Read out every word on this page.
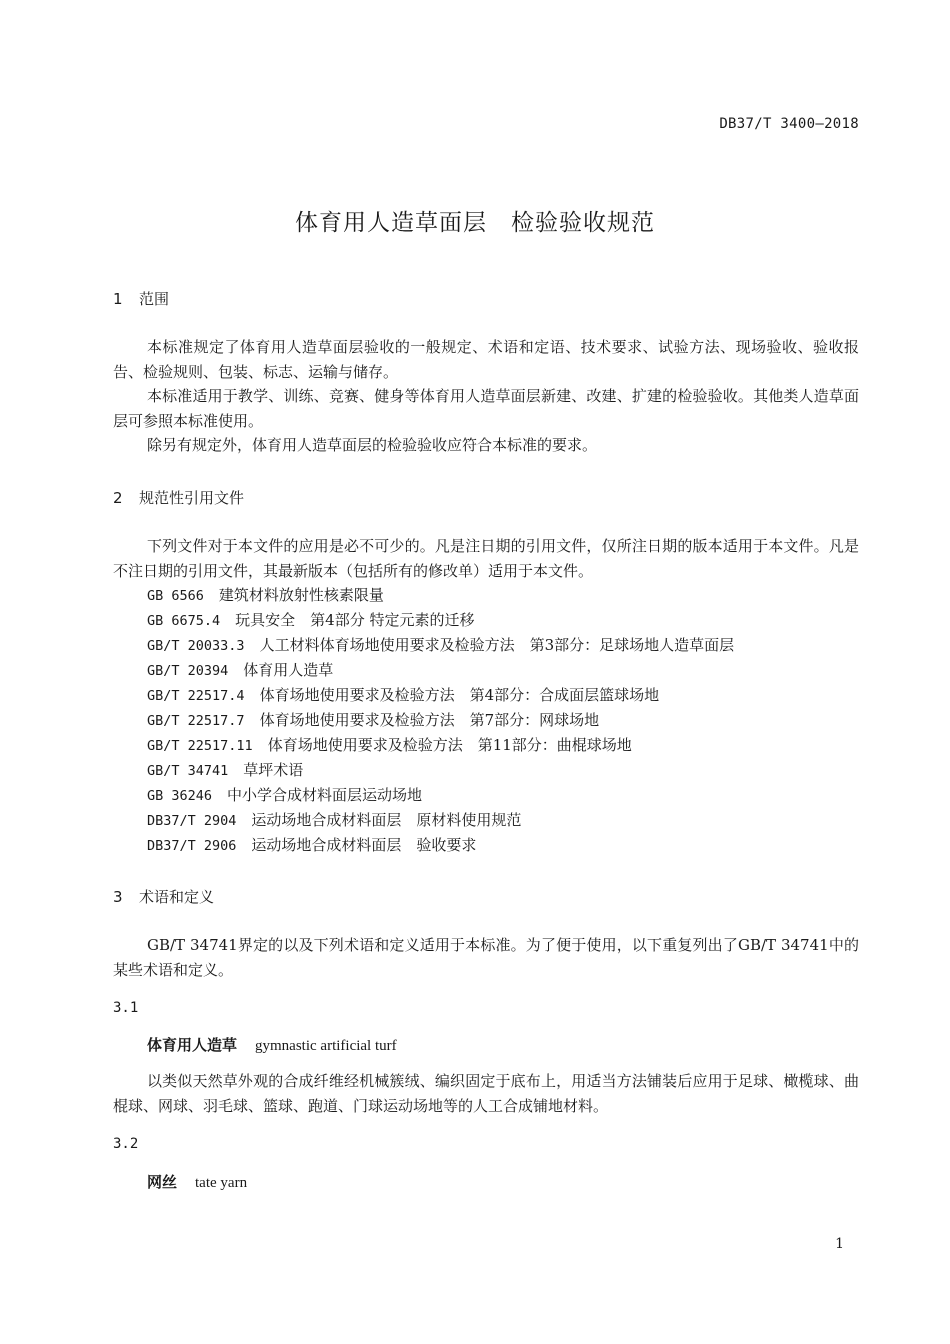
DB37/T 3400—2018
体育用人造草面层　检验验收规范
1 范围
本标准规定了体育用人造草面层验收的一般规定、术语和定语、技术要求、试验方法、现场验收、验收报告、检验规则、包装、标志、运输与储存。
本标准适用于教学、训练、竞赛、健身等体育用人造草面层新建、改建、扩建的检验验收。其他类人造草面层可参照本标准使用。
除另有规定外，体育用人造草面层的检验验收应符合本标准的要求。
2 规范性引用文件
下列文件对于本文件的应用是必不可少的。凡是注日期的引用文件，仅所注日期的版本适用于本文件。凡是不注日期的引用文件，其最新版本（包括所有的修改单）适用于本文件。
GB 6566　 建筑材料放射性核素限量
GB 6675.4　 玩具安全　第4部分 特定元素的迁移
GB/T 20033.3　 人工材料体育场地使用要求及检验方法　第3部分：足球场地人造草面层
GB/T 20394　 体育用人造草
GB/T 22517.4　 体育场地使用要求及检验方法　第4部分：合成面层篮球场地
GB/T 22517.7　 体育场地使用要求及检验方法　第7部分：网球场地
GB/T 22517.11　 体育场地使用要求及检验方法　第11部分：曲棍球场地
GB/T 34741　 草坪术语
GB 36246　 中小学合成材料面层运动场地
DB37/T 2904　 运动场地合成材料面层　原材料使用规范
DB37/T 2906　 运动场地合成材料面层　验收要求
3 术语和定义
GB/T 34741界定的以及下列术语和定义适用于本标准。为了便于使用，以下重复列出了GB/T 34741中的某些术语和定义。
3.1
体育用人造草 gymnastic artificial turf
以类似天然草外观的合成纤维经机械簇绒、编织固定于底布上，用适当方法铺装后应用于足球、橄榄球、曲棍球、网球、羽毛球、篮球、跑道、门球运动场地等的人工合成铺地材料。
3.2
网丝 tate yarn
1
